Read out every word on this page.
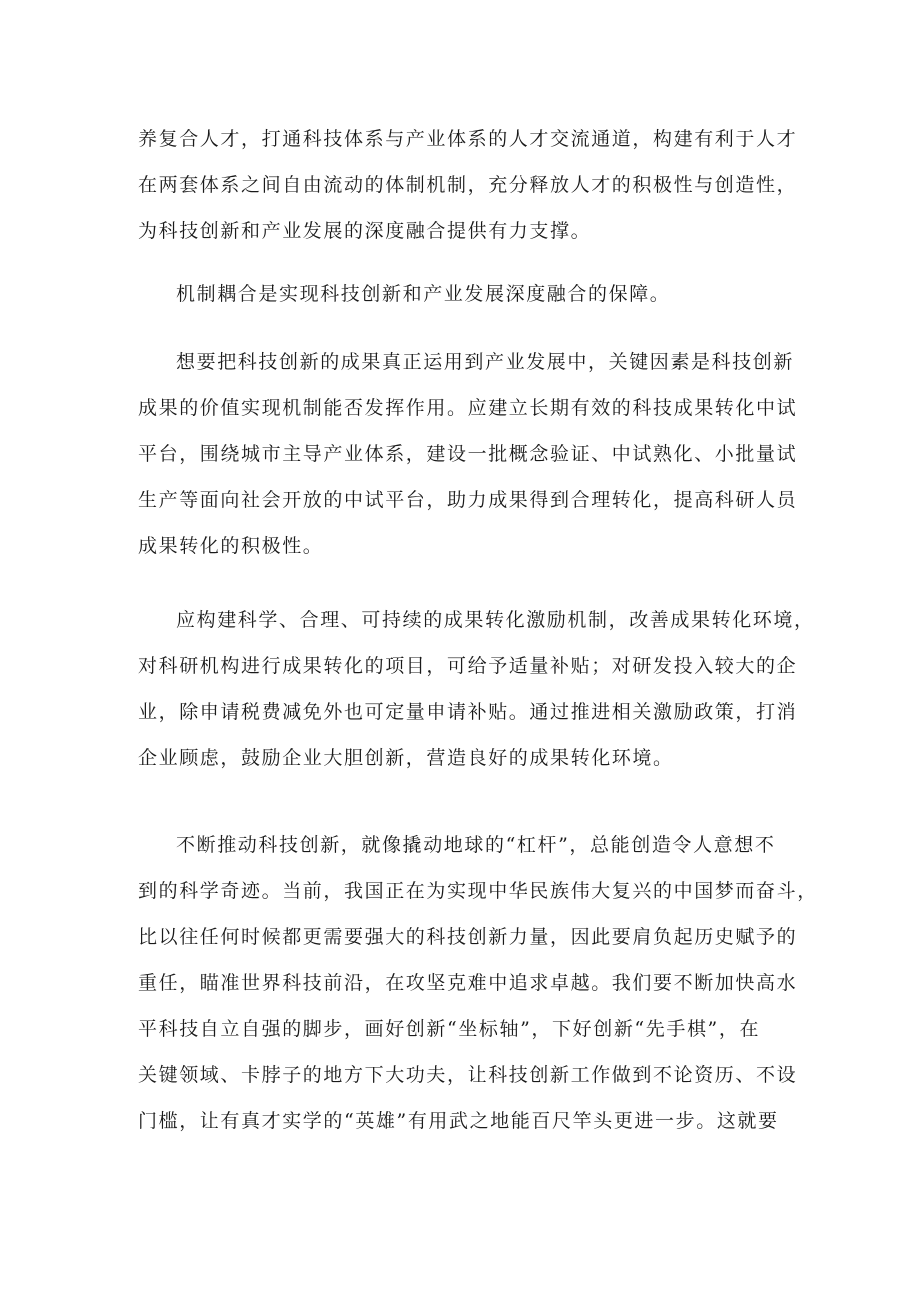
养复合人才，打通科技体系与产业体系的人才交流通道，构建有利于人才
在两套体系之间自由流动的体制机制，充分释放人才的积极性与创造性，
为科技创新和产业发展的深度融合提供有力支撑。

机制耦合是实现科技创新和产业发展深度融合的保障。

想要把科技创新的成果真正运用到产业发展中，关键因素是科技创新
成果的价值实现机制能否发挥作用。应建立长期有效的科技成果转化中试
平台，围绕城市主导产业体系，建设一批概念验证、中试熟化、小批量试
生产等面向社会开放的中试平台，助力成果得到合理转化，提高科研人员
成果转化的积极性。

应构建科学、合理、可持续的成果转化激励机制，改善成果转化环境，
对科研机构进行成果转化的项目，可给予适量补贴；对研发投入较大的企
业，除申请税费减免外也可定量申请补贴。通过推进相关激励政策，打消
企业顾虑，鼓励企业大胆创新，营造良好的成果转化环境。

不断推动科技创新，就像撬动地球的“杠杆”，总能创造令人意想不
到的科学奇迹。当前，我国正在为实现中华民族伟大复兴的中国梦而奋斗，
比以往任何时候都更需要强大的科技创新力量，因此要肩负起历史赋予的
重任，瞄准世界科技前沿，在攻坚克难中追求卓越。我们要不断加快高水
平科技自立自强的脚步，画好创新“坐标轴”，下好创新“先手棋”，在
关键领域、卡脖子的地方下大功夫，让科技创新工作做到不论资历、不设
门槛，让有真才实学的“英雄”有用武之地能百尺竿头更进一步。这就要
